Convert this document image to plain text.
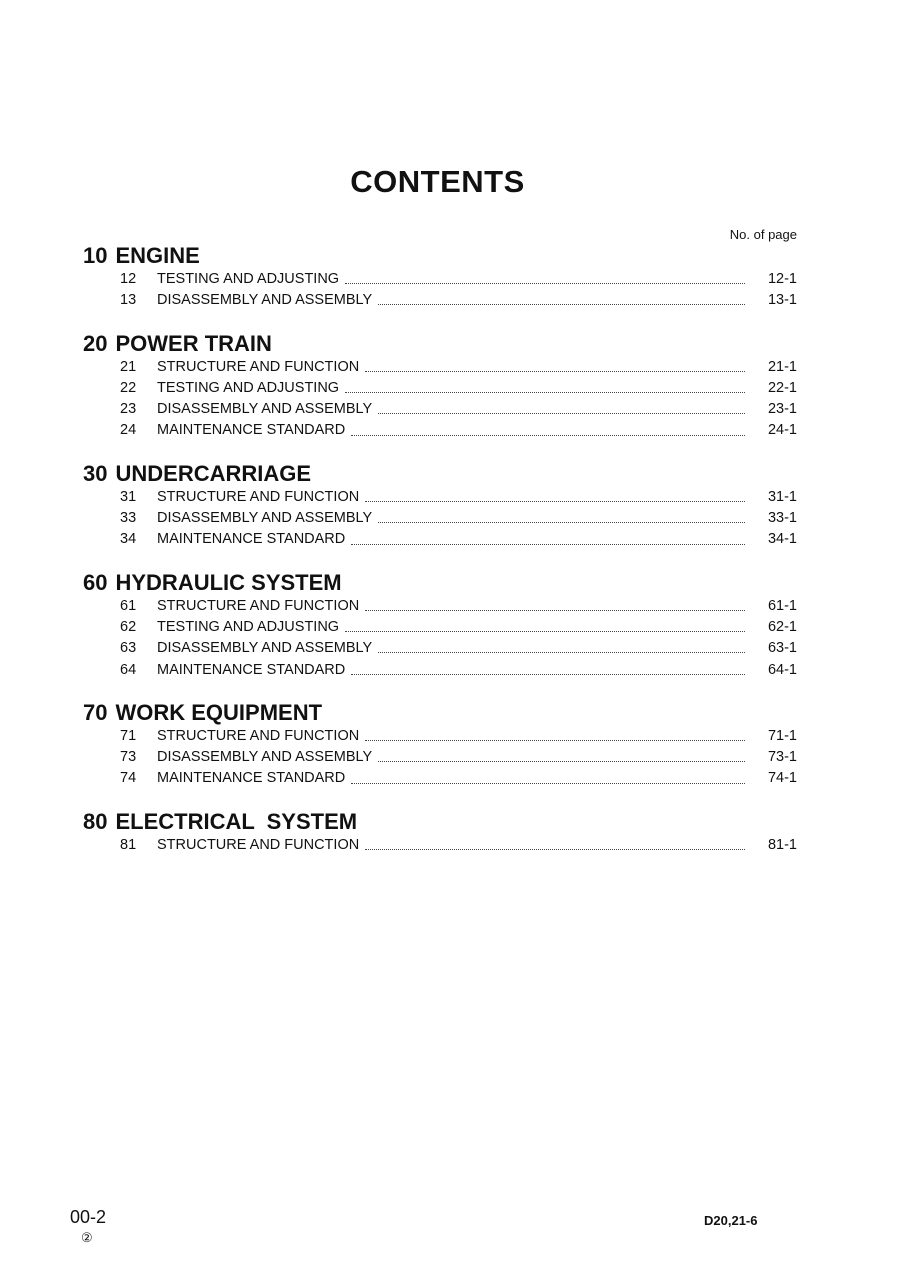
CONTENTS
No. of page
10 ENGINE
12	TESTING AND ADJUSTING	12-1
13	DISASSEMBLY AND ASSEMBLY	13-1
20 POWER TRAIN
21	STRUCTURE AND FUNCTION	21-1
22	TESTING AND ADJUSTING	22-1
23	DISASSEMBLY AND ASSEMBLY	23-1
24	MAINTENANCE STANDARD	24-1
30 UNDERCARRIAGE
31	STRUCTURE AND FUNCTION	31-1
33	DISASSEMBLY AND ASSEMBLY	33-1
34	MAINTENANCE STANDARD	34-1
60 HYDRAULIC SYSTEM
61	STRUCTURE AND FUNCTION	61-1
62	TESTING AND ADJUSTING	62-1
63	DISASSEMBLY AND ASSEMBLY	63-1
64	MAINTENANCE STANDARD	64-1
70 WORK EQUIPMENT
71	STRUCTURE AND FUNCTION	71-1
73	DISASSEMBLY AND ASSEMBLY	73-1
74	MAINTENANCE STANDARD	74-1
80 ELECTRICAL  SYSTEM
81	STRUCTURE AND FUNCTION	81-1
00-2
②
D20,21-6
